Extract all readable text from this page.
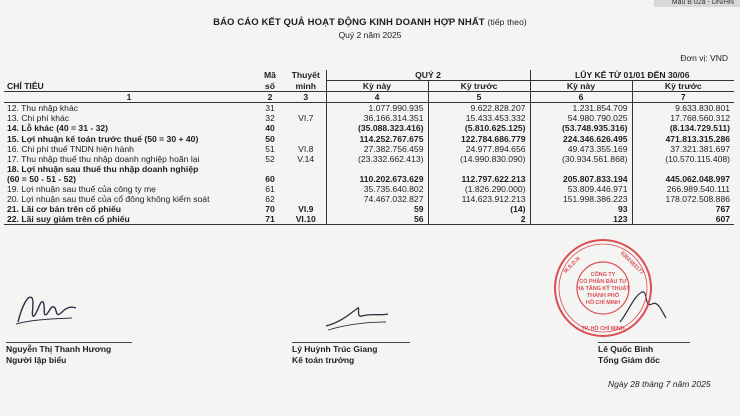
Mẫu B 02a - DN/HN
BÁO CÁO KẾT QUẢ HOẠT ĐỘNG KINH DOANH HỢP NHẤT (tiếp theo)
Quý 2 năm 2025
Đơn vị: VND
	Mã	Thuyết	QUÝ 2		LŨY KẾ TỪ 01/01 ĐẾN 30/06	
CHỈ TIÊU	số	minh	Kỳ này	Kỳ trước	Kỳ này	Kỳ trước
1	2	3	4	5	6	7
12. Thu nhập khác	31		1.077.990.935	9.622.828.207	1.231.854.709	9.633.830.801
13. Chi phí khác	32	VI.7	36.166.314.351	15.433.453.332	54.980.790.025	17.768.560.312
14. Lỗ khác (40 = 31 - 32)	40		(35.088.323.416)	(5.810.625.125)	(53.748.935.316)	(8.134.729.511)
15. Lợi nhuận kế toán trước thuế (50 = 30 + 40)	50		114.252.767.675	122.784.686.779	224.346.626.495	471.813.315.286
16. Chi phí thuế TNDN hiện hành	51	VI.8	27.382.756.459	24.977.894.656	49.473.355.169	37.321.381.697
17. Thu nhập thuế thu nhập doanh nghiệp hoãn lại	52	V.14	(23.332.662.413)	(14.990.830.090)	(30.934.561.868)	(10.570.115.408)
18. Lợi nhuận sau thuế thu nhập doanh nghiệp						
(60 = 50 - 51 - 52)	60		110.202.673.629	112.797.622.213	205.807.833.194	445.062.048.997
19. Lợi nhuận sau thuế của công ty mẹ	61		35.735.640.802	(1.826.290.000)	53.809.446.971	266.989.540.111
20. Lợi nhuận sau thuế của cổ đông không kiểm soát	62		74.467.032.827	114.623.912.213	151.998.386.223	178.072.508.886
21. Lãi cơ bản trên cổ phiếu	70	VI.9	59	(14)	93	767
22. Lãi suy giảm trên cổ phiếu	71	VI.10	56	2	123	607
CÔNG TY
CỔ PHẦN ĐẦU TƯ
HẠ TẦNG KỸ THUẬT
THÀNH PHỐ
HỒ CHÍ MINH
M.S.D.N	0302483177
TP. HỒ CHÍ MINH
Nguyễn Thị Thanh Hương
Người lập biểu
Lý Huỳnh Trúc Giang
Kế toán trưởng
Lê Quốc Bình
Tổng Giám đốc
Ngày 28 tháng 7 năm 2025
